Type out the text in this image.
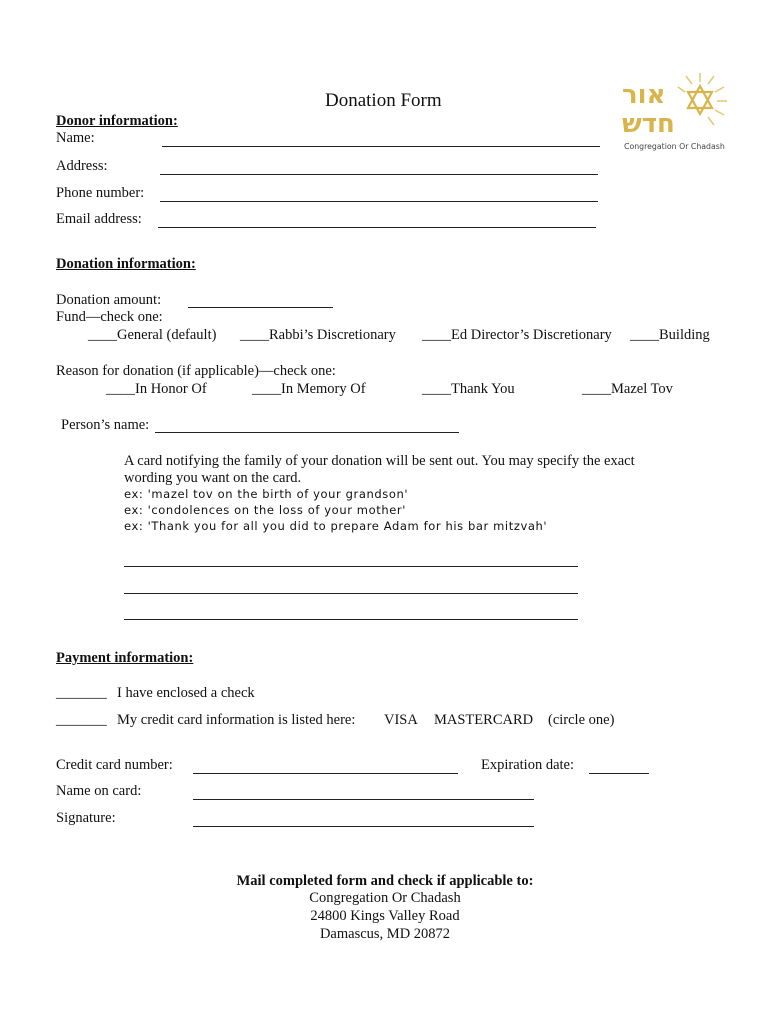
Donation Form	אור
חדש
Congregation Or Chadash
Donor information:
Name:
Address:
Phone number:
Email address:
Donation information:
Donation amount:
Fund—check one:
____General (default) ____Rabbi’s Discretionary ____Ed Director’s Discretionary ____Building
Reason for donation (if applicable)—check one:
____In Honor Of	____In Memory Of	____Thank You	____Mazel Tov
Person’s name:
A card notifying the family of your donation will be sent out. You may specify the exact
wording you want on the card.
ex: 'mazel tov on the birth of your grandson'
ex: 'condolences on the loss of your mother'
ex: 'Thank you for all you did to prepare Adam for his bar mitzvah'
Payment information:
_______ I have enclosed a check
_______ My credit card information is listed here: VISA MASTERCARD (circle one)
Credit card number:	Expiration date:
Name on card:
Signature:
Mail completed form and check if applicable to:
Congregation Or Chadash
24800 Kings Valley Road
Damascus, MD 20872
